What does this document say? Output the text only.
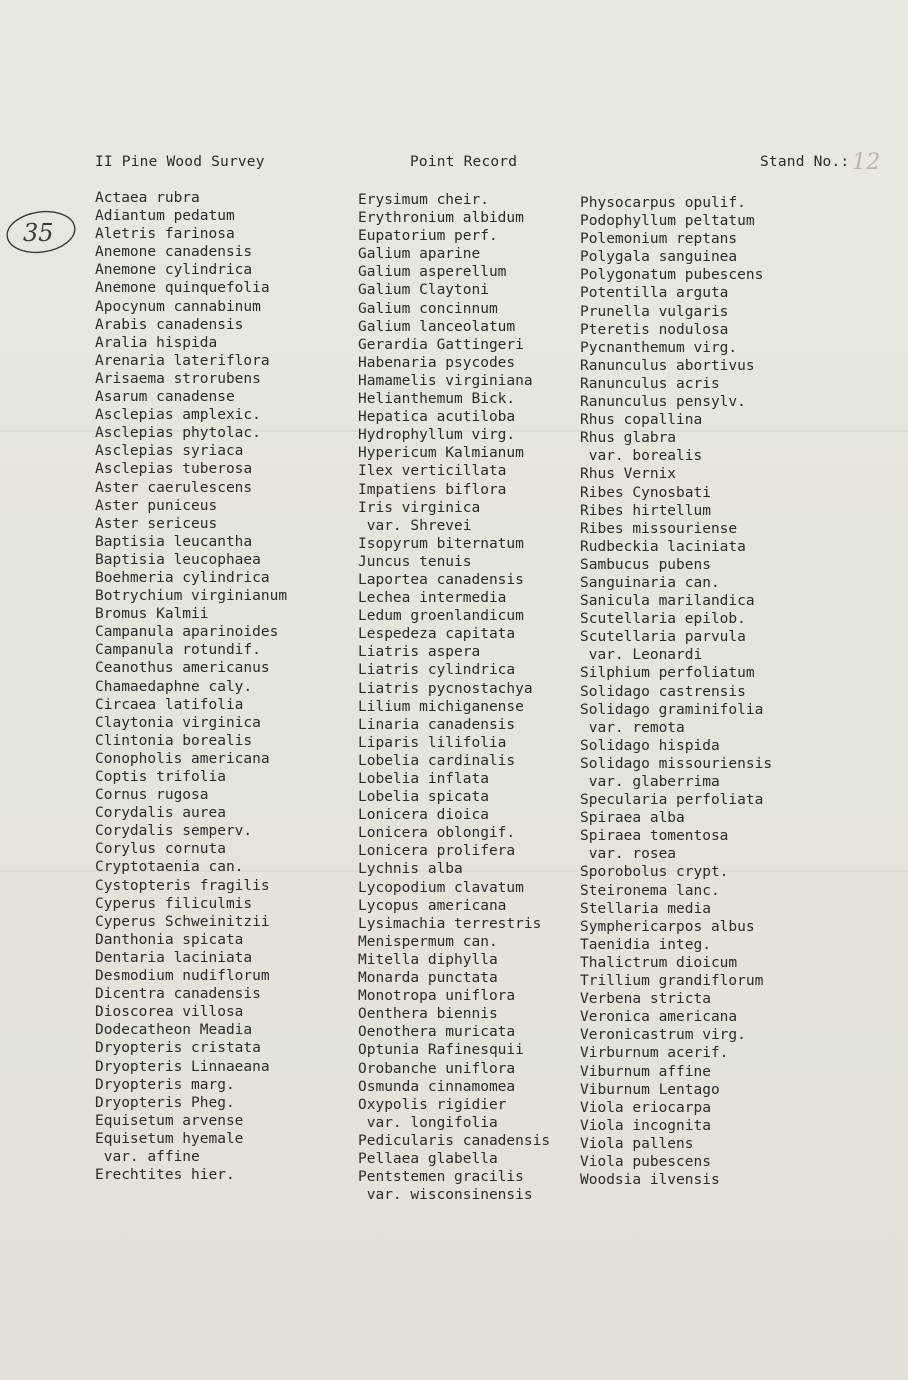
II Pine Wood Survey	Point Record	Stand No.: 12
35
Actaea rubra
Adiantum pedatum
Aletris farinosa
Anemone canadensis
Anemone cylindrica
Anemone quinquefolia
Apocynum cannabinum
Arabis canadensis
Aralia hispida
Arenaria lateriflora
Arisaema strorubens
Asarum canadense
Asclepias amplexic.
Asclepias phytolac.
Asclepias syriaca
Asclepias tuberosa
Aster caerulescens
Aster puniceus
Aster sericeus
Baptisia leucantha
Baptisia leucophaea
Boehmeria cylindrica
Botrychium virginianum
Bromus Kalmii
Campanula aparinoides
Campanula rotundif.
Ceanothus americanus
Chamaedaphne caly.
Circaea latifolia
Claytonia virginica
Clintonia borealis
Conopholis americana
Coptis trifolia
Cornus rugosa
Corydalis aurea
Corydalis semperv.
Corylus cornuta
Cryptotaenia can.
Cystopteris fragilis
Cyperus filiculmis
Cyperus Schweinitzii
Danthonia spicata
Dentaria laciniata
Desmodium nudiflorum
Dicentra canadensis
Dioscorea villosa
Dodecatheon Meadia
Dryopteris cristata
Dryopteris Linnaeana
Dryopteris marg.
Dryopteris Pheg.
Equisetum arvense
Equisetum hyemale
var. affine
Erechtites hier.
Erysimum cheir.
Erythronium albidum
Eupatorium perf.
Galium aparine
Galium asperellum
Galium Claytoni
Galium concinnum
Galium lanceolatum
Gerardia Gattingeri
Habenaria psycodes
Hamamelis virginiana
Helianthemum Bick.
Hepatica acutiloba
Hydrophyllum virg.
Hypericum Kalmianum
Ilex verticillata
Impatiens biflora
Iris virginica
var. Shrevei
Isopyrum biternatum
Juncus tenuis
Laportea canadensis
Lechea intermedia
Ledum groenlandicum
Lespedeza capitata
Liatris aspera
Liatris cylindrica
Liatris pycnostachya
Lilium michiganense
Linaria canadensis
Liparis lilifolia
Lobelia cardinalis
Lobelia inflata
Lobelia spicata
Lonicera dioica
Lonicera oblongif.
Lonicera prolifera
Lychnis alba
Lycopodium clavatum
Lycopus americana
Lysimachia terrestris
Menispermum can.
Mitella diphylla
Monarda punctata
Monotropa uniflora
Oenthera biennis
Oenothera muricata
Optunia Rafinesquii
Orobanche uniflora
Osmunda cinnamomea
Oxypolis rigidier
var. longifolia
Pedicularis canadensis
Pellaea glabella
Pentstemen gracilis
var. wisconsinensis
Physocarpus opulif.
Podophyllum peltatum
Polemonium reptans
Polygala sanguinea
Polygonatum pubescens
Potentilla arguta
Prunella vulgaris
Pteretis nodulosa
Pycnanthemum virg.
Ranunculus abortivus
Ranunculus acris
Ranunculus pensylv.
Rhus copallina
Rhus glabra
var. borealis
Rhus Vernix
Ribes Cynosbati
Ribes hirtellum
Ribes missouriense
Rudbeckia laciniata
Sambucus pubens
Sanguinaria can.
Sanicula marilandica
Scutellaria epilob.
Scutellaria parvula
var. Leonardi
Silphium perfoliatum
Solidago castrensis
Solidago graminifolia
var. remota
Solidago hispida
Solidago missouriensis
var. glaberrima
Specularia perfoliata
Spiraea alba
Spiraea tomentosa
var. rosea
Sporobolus crypt.
Steironema lanc.
Stellaria media
Symphericarpos albus
Taenidia integ.
Thalictrum dioicum
Trillium grandiflorum
Verbena stricta
Veronica americana
Veronicastrum virg.
Virburnum acerif.
Viburnum affine
Viburnum Lentago
Viola eriocarpa
Viola incognita
Viola pallens
Viola pubescens
Woodsia ilvensis
